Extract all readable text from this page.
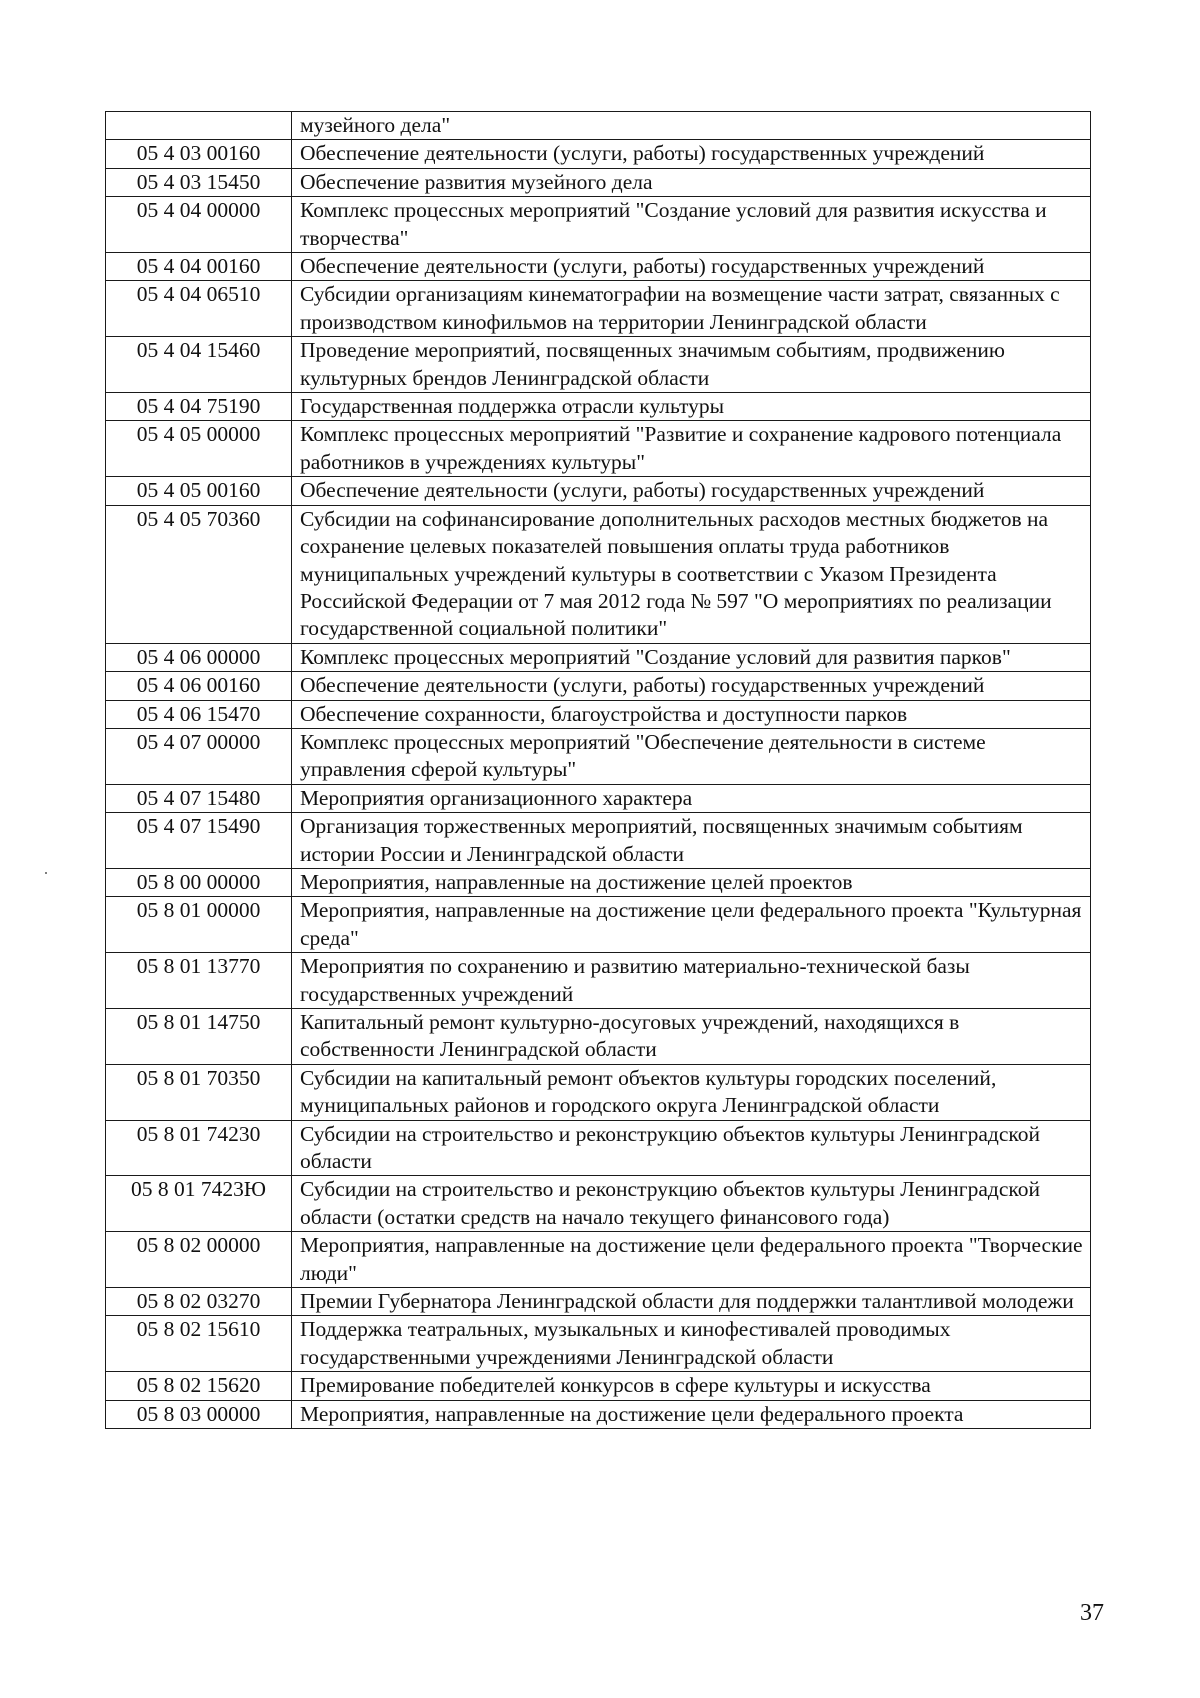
	музейного дела"
05 4 03 00160	Обеспечение деятельности (услуги, работы) государственных учреждений
05 4 03 15450	Обеспечение развития музейного дела
05 4 04 00000	Комплекс процессных мероприятий "Создание условий для развития искусства и творчества"
05 4 04 00160	Обеспечение деятельности (услуги, работы) государственных учреждений
05 4 04 06510	Субсидии организациям кинематографии на возмещение части затрат, связанных с производством кинофильмов на территории Ленинградской области
05 4 04 15460	Проведение мероприятий, посвященных значимым событиям, продвижению культурных брендов Ленинградской области
05 4 04 75190	Государственная поддержка отрасли культуры
05 4 05 00000	Комплекс процессных мероприятий "Развитие и сохранение кадрового потенциала работников в учреждениях культуры"
05 4 05 00160	Обеспечение деятельности (услуги, работы) государственных учреждений
05 4 05 70360	Субсидии на софинансирование дополнительных расходов местных бюджетов на сохранение целевых показателей повышения оплаты труда работников муниципальных учреждений культуры в соответствии с Указом Президента Российской Федерации от 7 мая 2012 года № 597 "О мероприятиях по реализации государственной социальной политики"
05 4 06 00000	Комплекс процессных мероприятий "Создание условий для развития парков"
05 4 06 00160	Обеспечение деятельности (услуги, работы) государственных учреждений
05 4 06 15470	Обеспечение сохранности, благоустройства и доступности парков
05 4 07 00000	Комплекс процессных мероприятий "Обеспечение деятельности в системе управления сферой культуры"
05 4 07 15480	Мероприятия организационного характера
05 4 07 15490	Организация торжественных мероприятий, посвященных значимым событиям истории России и Ленинградской области
05 8 00 00000	Мероприятия, направленные на достижение целей проектов
05 8 01 00000	Мероприятия, направленные на достижение цели федерального проекта "Культурная среда"
05 8 01 13770	Мероприятия по сохранению и развитию материально-технической базы государственных учреждений
05 8 01 14750	Капитальный ремонт культурно-досуговых учреждений, находящихся в собственности Ленинградской области
05 8 01 70350	Субсидии на капитальный ремонт объектов культуры городских поселений, муниципальных районов и городского округа Ленинградской области
05 8 01 74230	Субсидии на строительство и реконструкцию объектов культуры Ленинградской области
05 8 01 7423Ю	Субсидии на строительство и реконструкцию объектов культуры Ленинградской области (остатки средств на начало текущего финансового года)
05 8 02 00000	Мероприятия, направленные на достижение цели федерального проекта "Творческие люди"
05 8 02 03270	Премии Губернатора Ленинградской области для поддержки талантливой молодежи
05 8 02 15610	Поддержка театральных, музыкальных и кинофестивалей проводимых государственными учреждениями Ленинградской области
05 8 02 15620	Премирование победителей конкурсов в сфере культуры и искусства
05 8 03 00000	Мероприятия, направленные на достижение цели федерального проекта
37
